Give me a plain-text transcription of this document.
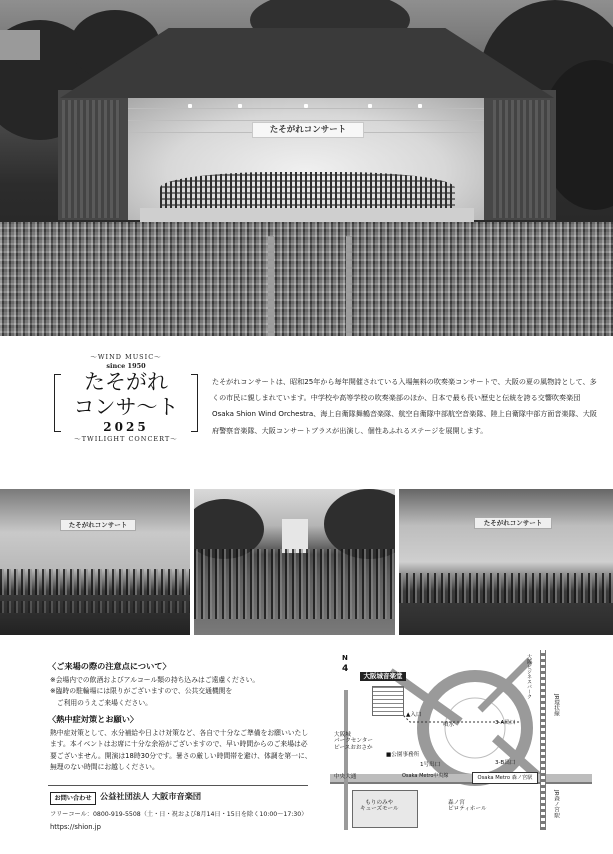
たそがれコンサート
〜WIND MUSIC〜
since 1950
たそがれ
コンサ〜ト
2025
〜TWILIGHT CONCERT〜
たそがれコンサートは、昭和25年から毎年開催されている入場無料の吹奏楽コンサートで、大阪の夏の風物詩として、多くの市民に親しまれています。中学校や高等学校の吹奏楽部のほか、日本で最も長い歴史と伝統を誇る交響吹奏楽団Osaka Shion Wind Orchestra、海上自衛隊舞鶴音楽隊、航空自衛隊中部航空音楽隊、陸上自衛隊中部方面音楽隊、大阪府警察音楽隊、大阪コンサートブラスが出演し、個性あふれるステージを展開します。
たそがれコンサート	たそがれコンサート
〈ご来場の際の注意点について〉
※会場内での飲酒およびアルコール類の持ち込みはご遠慮ください。
※臨時の駐輪場には限りがございますので、公共交通機関を
　ご利用のうえご来場ください。
〈熱中症対策とお願い〉
熱中症対策として、水分補給や日よけ対策など、各自で十分なご準備をお願いいたします。本イベントはお席に十分な余裕がございますので、早い時間からのご来場は必要ございません。開演は18時30分です。暑さの厳しい時間帯を避け、体調を第一に、無理のない時間にお越しください。
お問い合わせ	公益社団法人 大阪市音楽団
フリーコール：0800-919-5508（土・日・祝および8月14日・15日を除く10:00〜17:30）
https://shion.jp
N
4
大阪城音楽堂
▲入口
噴水
大阪城
パークセンター
ピースおおさか
■公園事務所
3-A出口
3-B出口
1号出口
中央大通	Osaka Metro中央線	Osaka Metro 森ノ宮駅
JR環状線
大阪ビジネスパーク
JR森ノ宮駅
もりのみや
キューズモール
森ノ宮
ピロティホール
